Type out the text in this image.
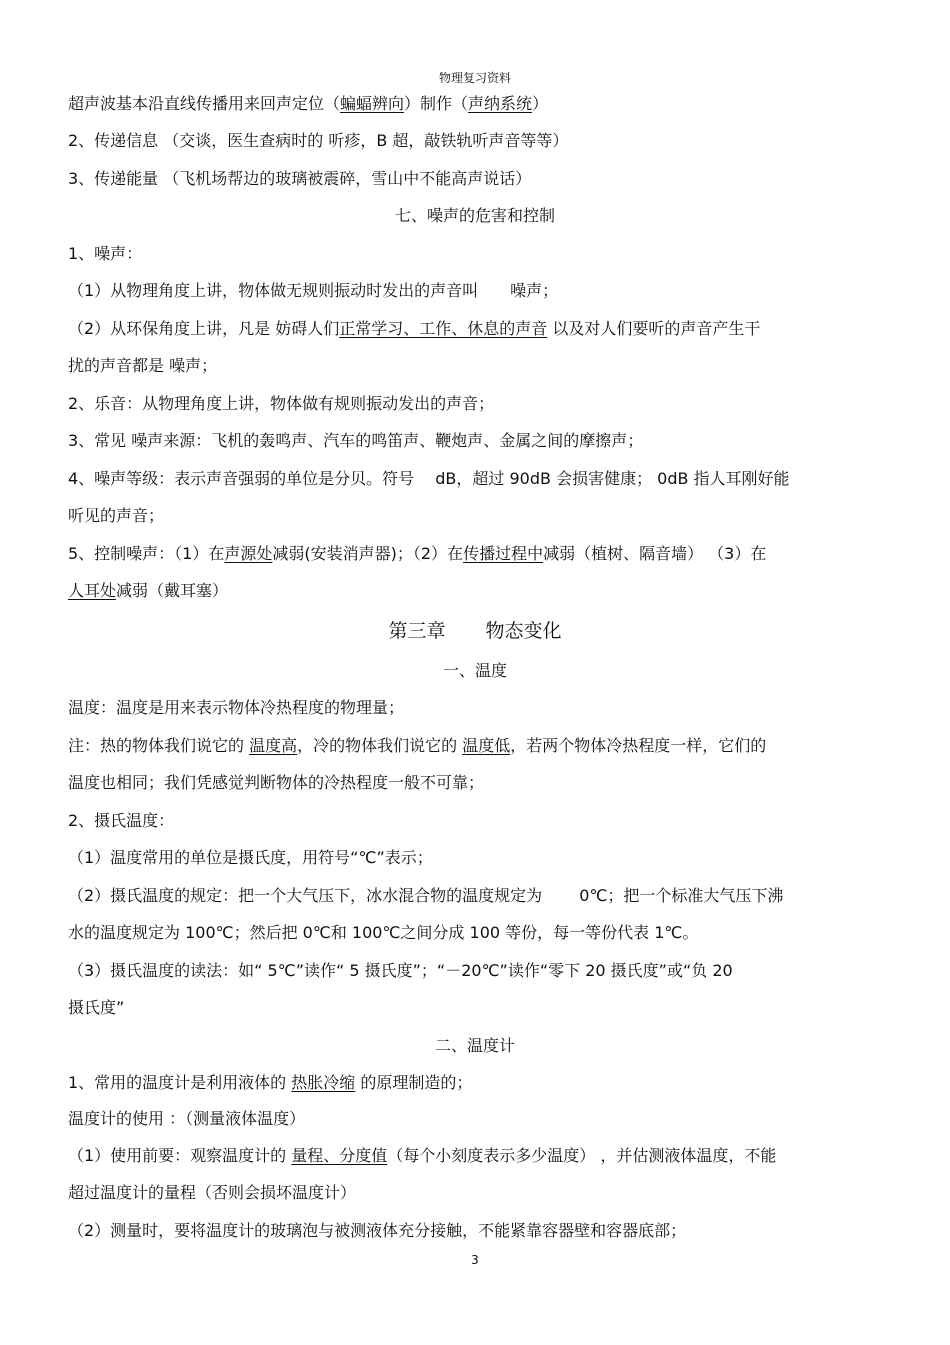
物理复习资料
超声波基本沿直线传播用来回声定位（蝙蝠辨向）制作（声纳系统）
2、传递信息 （交谈，医生查病时的 听疹，B 超，敲铁轨听声音等等）
3、传递能量 （飞机场帮边的玻璃被震碎，雪山中不能高声说话）
七、噪声的危害和控制
1、噪声：
（1）从物理角度上讲，物体做无规则振动时发出的声音叫　　噪声；
（2）从环保角度上讲，凡是 妨碍人们正常学习、工作、休息的声音 以及对人们要听的声音产生干
扰的声音都是 噪声；
2、乐音：从物理角度上讲，物体做有规则振动发出的声音；
3、常见 噪声来源：飞机的轰鸣声、汽车的鸣笛声、鞭炮声、金属之间的摩擦声；
4、噪声等级：表示声音强弱的单位是分贝。符号　 dB，超过 90dB 会损害健康； 0dB 指人耳刚好能
听见的声音；
5、控制噪声：（1）在声源处减弱(安装消声器)；（2）在传播过程中减弱（植树、隔音墙） （3）在
人耳处减弱（戴耳塞）
第三章 物态变化
一、温度
温度：温度是用来表示物体冷热程度的物理量；
注：热的物体我们说它的 温度高，冷的物体我们说它的 温度低，若两个物体冷热程度一样，它们的
温度也相同；我们凭感觉判断物体的冷热程度一般不可靠；
2、摄氏温度：
（1）温度常用的单位是摄氏度，用符号“℃”表示；
（2）摄氏温度的规定：把一个大气压下，冰水混合物的温度规定为　　 0℃；把一个标准大气压下沸
水的温度规定为 100℃；然后把 0℃和 100℃之间分成 100 等份，每一等份代表 1℃。
（3）摄氏温度的读法：如“ 5℃”读作“ 5 摄氏度”；“－20℃”读作“零下 20 摄氏度”或“负 20
摄氏度”
二、温度计
1、常用的温度计是利用液体的 热胀冷缩 的原理制造的；
温度计的使用 ：（测量液体温度）
（1）使用前要：观察温度计的 量程、分度值（每个小刻度表示多少温度） ，并估测液体温度，不能
超过温度计的量程（否则会损坏温度计）
（2）测量时，要将温度计的玻璃泡与被测液体充分接触，不能紧靠容器壁和容器底部；
3
